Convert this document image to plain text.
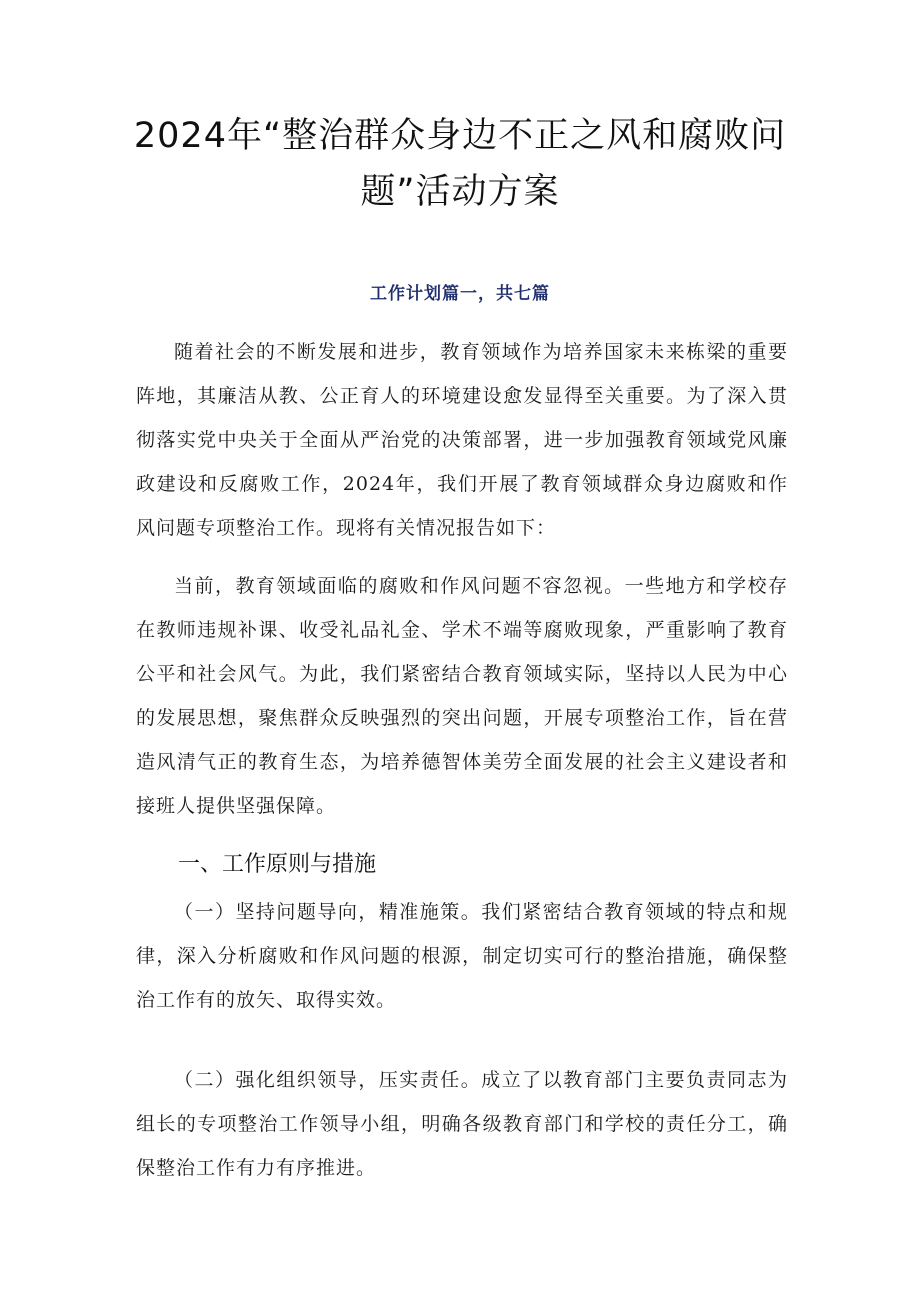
2024年“整治群众身边不正之风和腐败问题”活动方案
工作计划篇一，共七篇

随着社会的不断发展和进步，教育领域作为培养国家未来栋梁的重要阵地，其廉洁从教、公正育人的环境建设愈发显得至关重要。为了深入贯彻落实党中央关于全面从严治党的决策部署，进一步加强教育领域党风廉政建设和反腐败工作，2024年，我们开展了教育领域群众身边腐败和作风问题专项整治工作。现将有关情况报告如下：

当前，教育领域面临的腐败和作风问题不容忽视。一些地方和学校存在教师违规补课、收受礼品礼金、学术不端等腐败现象，严重影响了教育公平和社会风气。为此，我们紧密结合教育领域实际，坚持以人民为中心的发展思想，聚焦群众反映强烈的突出问题，开展专项整治工作，旨在营造风清气正的教育生态，为培养德智体美劳全面发展的社会主义建设者和接班人提供坚强保障。

一、工作原则与措施

（一）坚持问题导向，精准施策。我们紧密结合教育领域的特点和规律，深入分析腐败和作风问题的根源，制定切实可行的整治措施，确保整治工作有的放矢、取得实效。

（二）强化组织领导，压实责任。成立了以教育部门主要负责同志为组长的专项整治工作领导小组，明确各级教育部门和学校的责任分工，确保整治工作有力有序推进。
